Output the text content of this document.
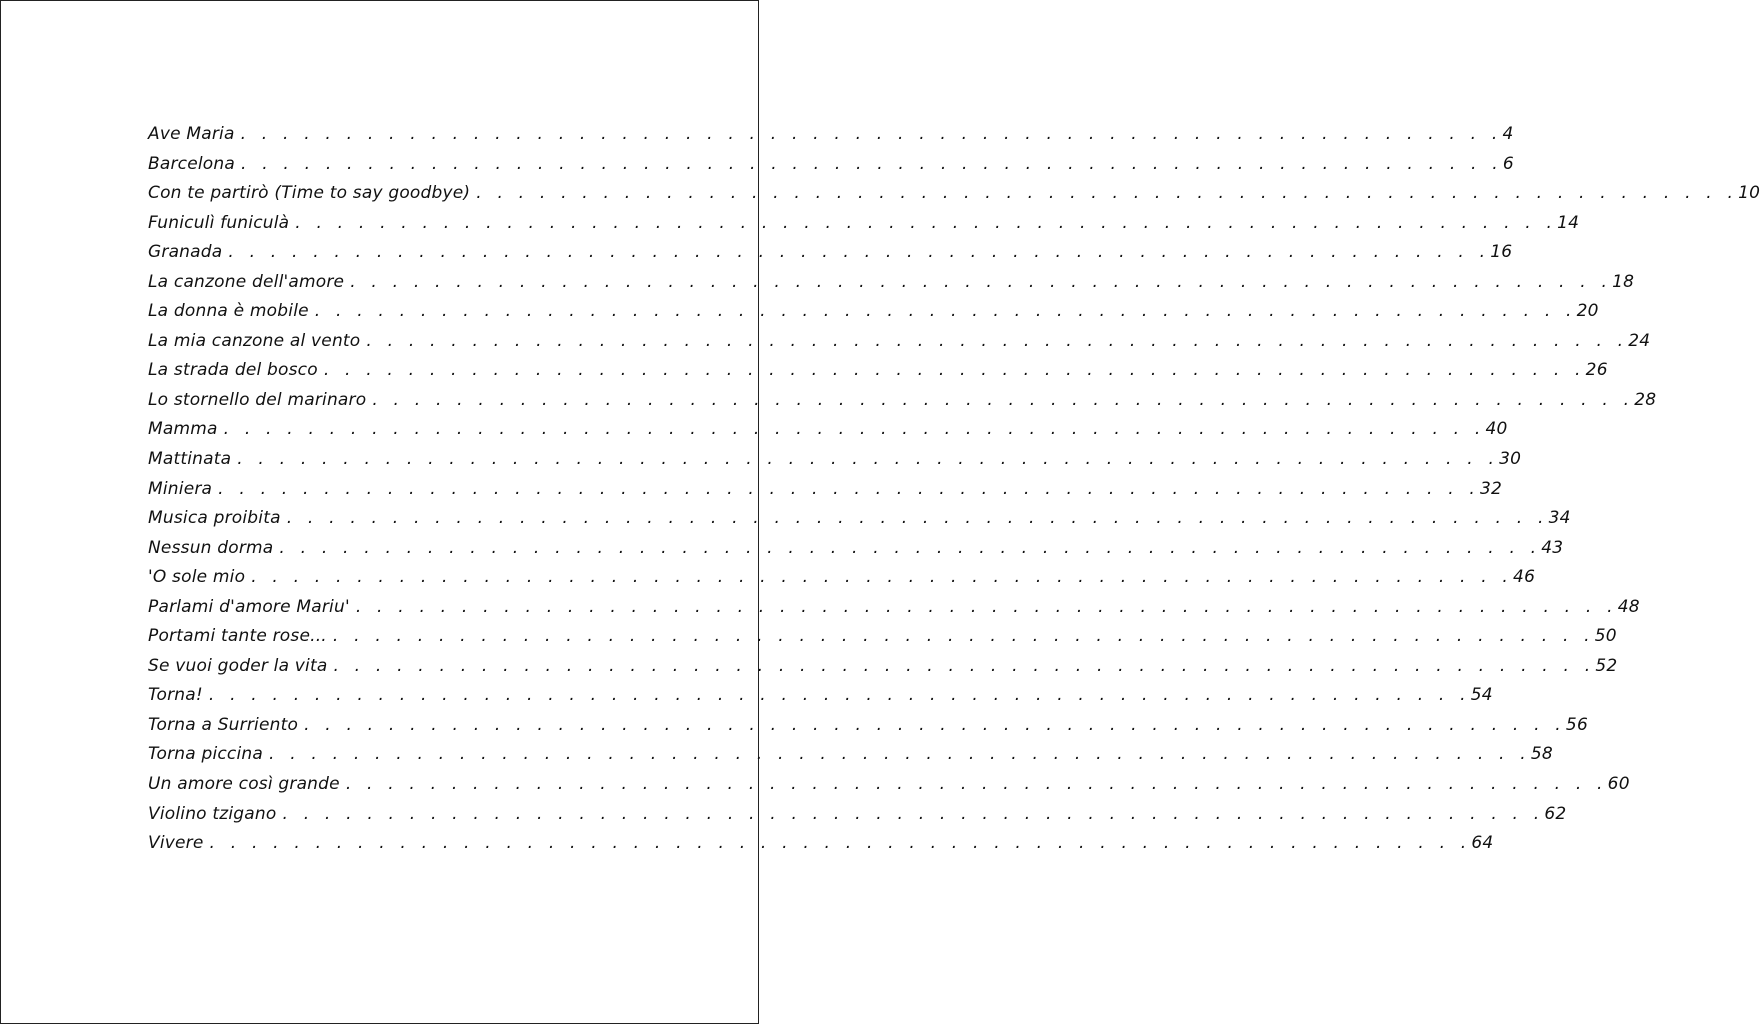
Ave Maria . . . . . . . . . . . . . . . . . . . . . . . . . . . . . . . . . . . . . . . . . . . . . . . . . . . . . . . . . . . . 4
Barcelona . . . . . . . . . . . . . . . . . . . . . . . . . . . . . . . . . . . . . . . . . . . . . . . . . . . . . . . . . . . . 6
Con te partirò (Time to say goodbye) . . . . . . . . . . . . . . . . . . . . . . . . . . . . . . . . . . . . . . . . . . . . . . . . . . . . . . . . . . . . 10
Funiculì funiculà . . . . . . . . . . . . . . . . . . . . . . . . . . . . . . . . . . . . . . . . . . . . . . . . . . . . . . . . . . . . 14
Granada . . . . . . . . . . . . . . . . . . . . . . . . . . . . . . . . . . . . . . . . . . . . . . . . . . . . . . . . . . . . 16
La canzone dell'amore . . . . . . . . . . . . . . . . . . . . . . . . . . . . . . . . . . . . . . . . . . . . . . . . . . . . . . . . . . . . 18
La donna è mobile . . . . . . . . . . . . . . . . . . . . . . . . . . . . . . . . . . . . . . . . . . . . . . . . . . . . . . . . . . . . 20
La mia canzone al vento . . . . . . . . . . . . . . . . . . . . . . . . . . . . . . . . . . . . . . . . . . . . . . . . . . . . . . . . . . . . 24
La strada del bosco . . . . . . . . . . . . . . . . . . . . . . . . . . . . . . . . . . . . . . . . . . . . . . . . . . . . . . . . . . . . 26
Lo stornello del marinaro . . . . . . . . . . . . . . . . . . . . . . . . . . . . . . . . . . . . . . . . . . . . . . . . . . . . . . . . . . . . 28
Mamma . . . . . . . . . . . . . . . . . . . . . . . . . . . . . . . . . . . . . . . . . . . . . . . . . . . . . . . . . . . . 40
Mattinata . . . . . . . . . . . . . . . . . . . . . . . . . . . . . . . . . . . . . . . . . . . . . . . . . . . . . . . . . . . . 30
Miniera . . . . . . . . . . . . . . . . . . . . . . . . . . . . . . . . . . . . . . . . . . . . . . . . . . . . . . . . . . . . 32
Musica proibita . . . . . . . . . . . . . . . . . . . . . . . . . . . . . . . . . . . . . . . . . . . . . . . . . . . . . . . . . . . . 34
Nessun dorma . . . . . . . . . . . . . . . . . . . . . . . . . . . . . . . . . . . . . . . . . . . . . . . . . . . . . . . . . . . . 43
'O sole mio . . . . . . . . . . . . . . . . . . . . . . . . . . . . . . . . . . . . . . . . . . . . . . . . . . . . . . . . . . . . 46
Parlami d'amore Mariu' . . . . . . . . . . . . . . . . . . . . . . . . . . . . . . . . . . . . . . . . . . . . . . . . . . . . . . . . . . . . 48
Portami tante rose... . . . . . . . . . . . . . . . . . . . . . . . . . . . . . . . . . . . . . . . . . . . . . . . . . . . . . . . . . . . . 50
Se vuoi goder la vita . . . . . . . . . . . . . . . . . . . . . . . . . . . . . . . . . . . . . . . . . . . . . . . . . . . . . . . . . . . . 52
Torna! . . . . . . . . . . . . . . . . . . . . . . . . . . . . . . . . . . . . . . . . . . . . . . . . . . . . . . . . . . . . 54
Torna a Surriento . . . . . . . . . . . . . . . . . . . . . . . . . . . . . . . . . . . . . . . . . . . . . . . . . . . . . . . . . . . . 56
Torna piccina . . . . . . . . . . . . . . . . . . . . . . . . . . . . . . . . . . . . . . . . . . . . . . . . . . . . . . . . . . . . 58
Un amore così grande . . . . . . . . . . . . . . . . . . . . . . . . . . . . . . . . . . . . . . . . . . . . . . . . . . . . . . . . . . . . 60
Violino tzigano . . . . . . . . . . . . . . . . . . . . . . . . . . . . . . . . . . . . . . . . . . . . . . . . . . . . . . . . . . . . 62
Vivere . . . . . . . . . . . . . . . . . . . . . . . . . . . . . . . . . . . . . . . . . . . . . . . . . . . . . . . . . . . . 64
